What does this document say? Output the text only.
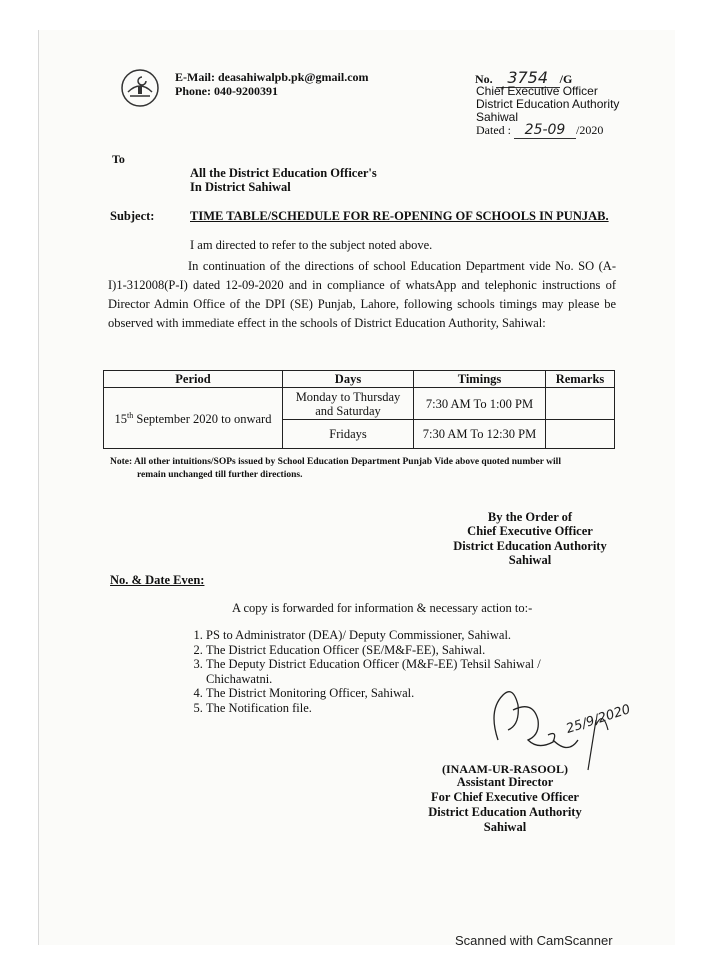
E-Mail: deasahiwalpb.pk@gmail.com
Phone: 040-9200391
No. 3754 /G
Chief Executive Officer
District Education Authority
Sahiwal
Dated : 25-09 /2020
To
All the District Education Officer's
In District Sahiwal
Subject:	TIME TABLE/SCHEDULE FOR RE-OPENING OF SCHOOLS IN PUNJAB.
I am directed to refer to the subject noted above.
In continuation of the directions of school Education Department vide No. SO (A-I)1-312008(P-I) dated 12-09-2020 and in compliance of whatsApp and telephonic instructions of Director Admin Office of the DPI (SE) Punjab, Lahore, following schools timings may please be observed with immediate effect in the schools of District Education Authority, Sahiwal:
Period	Days	Timings	Remarks
15th September 2020 to onward	Monday to Thursday and Saturday	7:30 AM To 1:00 PM	
	Fridays	7:30 AM To 12:30 PM	
Note: All other intuitions/SOPs issued by School Education Department Punjab Vide above quoted number will
remain unchanged till further directions.
By the Order of
Chief Executive Officer
District Education Authority
Sahiwal
No. & Date Even:
A copy is forwarded for information & necessary action to:-
1. PS to Administrator (DEA)/ Deputy Commissioner, Sahiwal.
2. The District Education Officer (SE/M&F-EE), Sahiwal.
3. The Deputy District Education Officer (M&F-EE) Tehsil Sahiwal / Chichawatni.
4. The District Monitoring Officer, Sahiwal.
5. The Notification file.	25/9/2020
(INAAM-UR-RASOOL)
Assistant Director
For Chief Executive Officer
District Education Authority
Sahiwal
Scanned with CamScanner
